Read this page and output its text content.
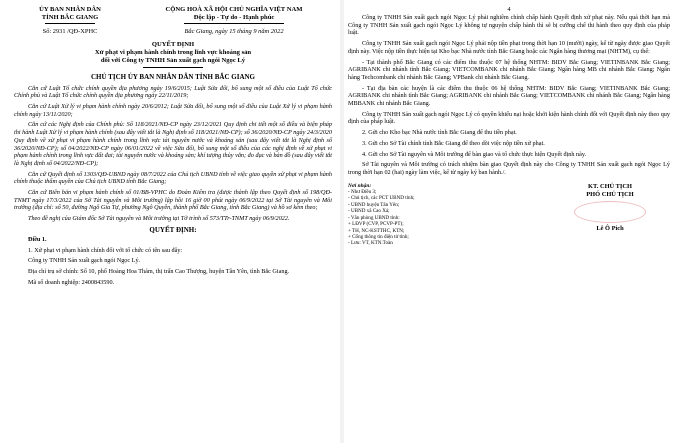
ỦY BAN NHÂN DÂN
TỈNH BẮC GIANG
CỘNG HOÀ XÃ HỘI CHỦ NGHĨA VIỆT NAM
Độc lập - Tự do - Hạnh phúc
Số: 2931 /QĐ-XPHC	Bắc Giang, ngày 15 tháng 9 năm 2022
QUYẾT ĐỊNH
Xử phạt vi phạm hành chính trong lĩnh vực khoáng sản
đối với Công ty TNHH Sản xuất gạch ngói Ngọc Lý
CHỦ TỊCH ỦY BAN NHÂN DÂN TỈNH BẮC GIANG

Căn cứ Luật Tổ chức chính quyền địa phương ngày 19/6/2015; Luật Sửa đổi, bổ sung một số điều của Luật Tổ chức Chính phủ và Luật Tổ chức chính quyền địa phương ngày 22/11/2019;

Căn cứ Luật Xử lý vi phạm hành chính ngày 20/6/2012; Luật Sửa đổi, bổ sung một số điều của Luật Xử lý vi phạm hành chính ngày 13/11/2020;

Căn cứ các Nghị định của Chính phủ: Số 118/2021/NĐ-CP ngày 23/12/2021 Quy định chi tiết một số điều và biện pháp thi hành Luật Xử lý vi phạm hành chính (sau đây viết tắt là Nghị định số 118/2021/NĐ-CP); số 36/2020/NĐ-CP ngày 24/3/2020 Quy định về xử phạt vi phạm hành chính trong lĩnh vực tài nguyên nước và khoáng sản (sau đây viết tắt là Nghị định số 36/2020/NĐ-CP); số 04/2022/NĐ-CP ngày 06/01/2022 về việc Sửa đổi, bổ sung một số điều của các nghị định về xử phạt vi phạm hành chính trong lĩnh vực đất đai; tài nguyên nước và khoáng sản; khí tượng thủy văn; đo đạc và bản đồ (sau đây viết tắt là Nghị định số 04/2022/NĐ-CP);

Căn cứ Quyết định số 1303/QĐ-UBND ngày 08/7/2022 của Chủ tịch UBND tỉnh về việc giao quyền xử phạt vi phạm hành chính thuộc thẩm quyền của Chủ tịch UBND tỉnh Bắc Giang;

Căn cứ Biên bản vi phạm hành chính số 01/BB-VPHC do Đoàn Kiểm tra (được thành lập theo Quyết định số 198/QĐ-TNMT ngày 17/3/2022 của Sở Tài nguyên và Môi trường) lập hồi 16 giờ 00 phút ngày 06/9/2022 tại Sở Tài nguyên và Môi trường (địa chỉ: số 50, đường Ngô Gia Tự, phường Ngô Quyền, thành phố Bắc Giang, tỉnh Bắc Giang) và hồ sơ kèm theo;

Theo đề nghị của Giám đốc Sở Tài nguyên và Môi trường tại Tờ trình số 573/TTr-TNMT ngày 06/9/2022.

QUYẾT ĐỊNH:

Điều 1.

1. Xử phạt vi phạm hành chính đối với tổ chức có tên sau đây:

Công ty TNHH Sản xuất gạch ngói Ngọc Lý.

Địa chỉ trụ sở chính: Số 10, phố Hoàng Hoa Thám, thị trấn Cao Thượng, huyện Tân Yên, tỉnh Bắc Giang.

Mã số doanh nghiệp: 2400843590.

4

Công ty TNHH Sản xuất gạch ngói Ngọc Lý phải nghiêm chỉnh chấp hành Quyết định xử phạt này. Nếu quá thời hạn mà Công ty TNHH Sản xuất gạch ngói Ngọc Lý không tự nguyện chấp hành thì sẽ bị cưỡng chế thi hành theo quy định của pháp luật.

Công ty TNHH Sản xuất gạch ngói Ngọc Lý phải nộp tiền phạt trong thời hạn 10 (mười) ngày, kể từ ngày được giao Quyết định này. Việc nộp tiền thực hiện tại Kho bạc Nhà nước tỉnh Bắc Giang hoặc các Ngân hàng thương mại (NHTM), cụ thể:

- Tại thành phố Bắc Giang có các điểm thu thuộc 07 hệ thống NHTM: BIDV Bắc Giang; VIETINBANK Bắc Giang; AGRIBANK chi nhánh tỉnh Bắc Giang; VIETCOMBANK chi nhánh Bắc Giang; Ngân hàng MB chi nhánh Bắc Giang; Ngân hàng Techcombank chi nhánh Bắc Giang; VPBank chi nhánh Bắc Giang.

- Tại địa bàn các huyện là các điểm thu thuộc 06 hệ thống NHTM: BIDV Bắc Giang; VIETINBANK Bắc Giang; AGRIBANK chi nhánh tỉnh Bắc Giang; AGRIBANK chi nhánh Bắc Giang; VIETCOMBANK chi nhánh Bắc Giang; Ngân hàng MBBANK chi nhánh Bắc Giang.

Công ty TNHH Sản xuất gạch ngói Ngọc Lý có quyền khiếu nại hoặc khởi kiện hành chính đối với Quyết định này theo quy định của pháp luật.

2. Gửi cho Kho bạc Nhà nước tỉnh Bắc Giang để thu tiền phạt.

3. Gửi cho Sở Tài chính tỉnh Bắc Giang để theo dõi việc nộp tiền xử phạt.

4. Gửi cho Sở Tài nguyên và Môi trường để bàn giao và tổ chức thực hiện Quyết định này.

Sở Tài nguyên và Môi trường có trách nhiệm bàn giao Quyết định này cho Công ty TNHH Sản xuất gạch ngói Ngọc Lý trong thời hạn 02 (hai) ngày làm việc, kể từ ngày ký ban hành./.

Nơi nhận:
- Như Điều 3;
- Chủ tịch, các PCT UBND tỉnh;
- UBND huyện Tân Yên;
- UBND xã Cao Xá;
- Văn phòng UBND tỉnh:
+ LĐVP (CVP, PCVP-PT);
+ TH, NC-KSTTHC, KTN;
+ Cổng thông tin điện tử tỉnh;
- Lưu: VT, KTN.Toàn
KT. CHỦ TỊCH
PHÓ CHỦ TỊCH
Lê Ô Pích
